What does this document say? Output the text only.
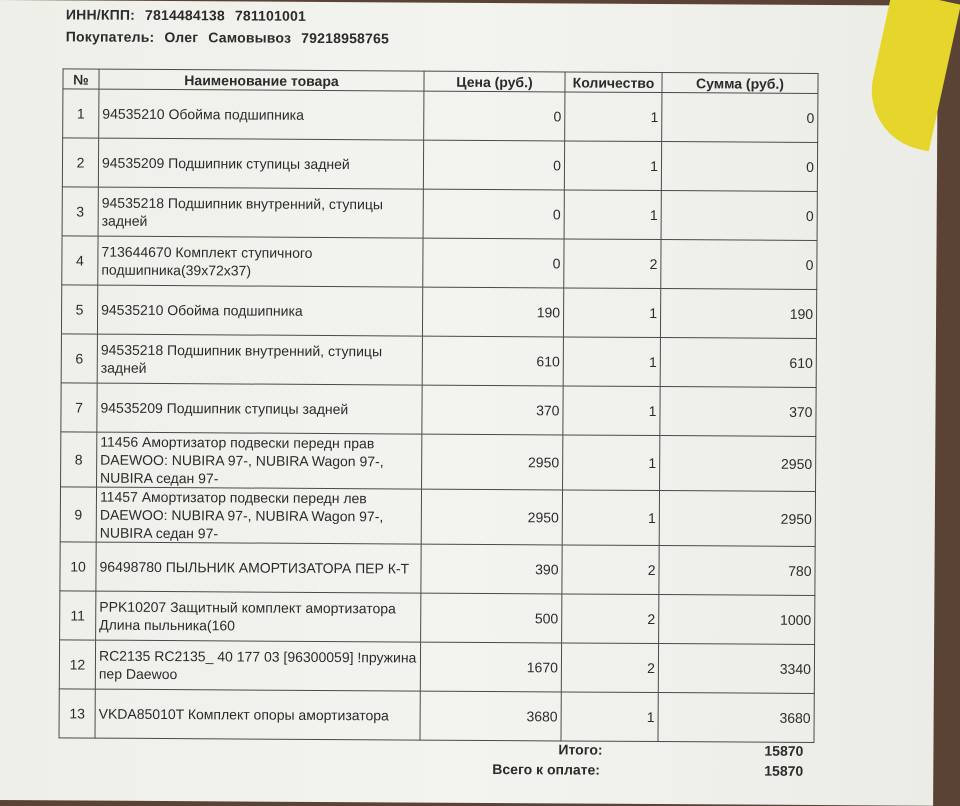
ИНН/КПП: 7814484138 781101001
Покупатель: Олег Самовывоз 79218958765
№	Наименование товара	Цена (руб.)	Количество	Сумма (руб.)
1	94535210 Обойма подшипника	0	1	0
2	94535209 Подшипник ступицы задней	0	1	0
3	94535218 Подшипник внутренний, ступицы задней	0	1	0
4	713644670 Комплект ступичного подшипника(39x72x37)	0	2	0
5	94535210 Обойма подшипника	190	1	190
6	94535218 Подшипник внутренний, ступицы задней	610	1	610
7	94535209 Подшипник ступицы задней	370	1	370
8	11456 Амортизатор подвески передн прав DAEWOO: NUBIRA 97-, NUBIRA Wagon 97-, NUBIRA седан 97-	2950	1	2950
9	11457 Амортизатор подвески передн лев DAEWOO: NUBIRA 97-, NUBIRA Wagon 97-, NUBIRA седан 97-	2950	1	2950
10	96498780 ПЫЛЬНИК АМОРТИЗАТОРА ПЕР К-Т	390	2	780
11	PPK10207 Защитный комплект амортизатора Длина пыльника(160	500	2	1000
12	RC2135 RC2135_ 40 177 03 [96300059] !пружина пер Daewoo	1670	2	3340
13	VKDA85010T Комплект опоры амортизатора	3680	1	3680
Итого:	15870
Всего к оплате:	15870
